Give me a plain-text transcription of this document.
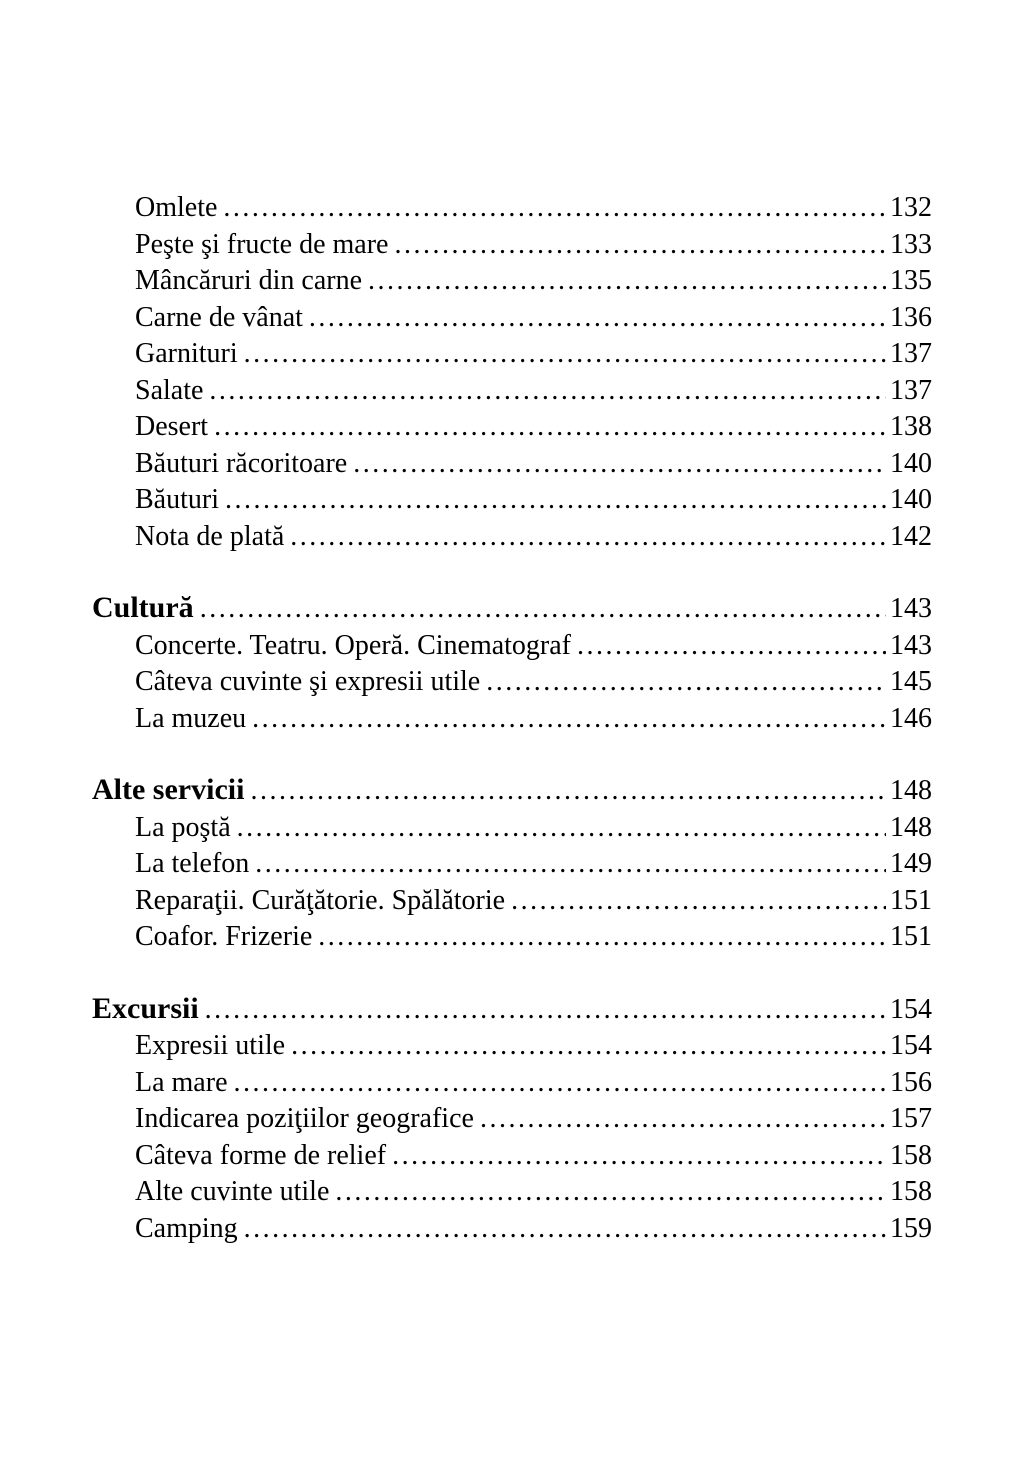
Omlete .....	132
Peşte şi fructe de mare .....	133
Mâncăruri din carne .....	135
Carne de vânat .....	136
Garnituri .....	137
Salate .....	137
Desert .....	138
Băuturi răcoritoare .....	140
Băuturi .....	140
Nota de plată .....	142
Cultură .....	143
Concerte. Teatru. Operă. Cinematograf .....	143
Câteva cuvinte şi expresii utile .....	145
La muzeu .....	146
Alte servicii .....	148
La poştă .....	148
La telefon .....	149
Reparaţii. Curăţătorie. Spălătorie .....	151
Coafor. Frizerie .....	151
Excursii .....	154
Expresii utile .....	154
La mare .....	156
Indicarea poziţiilor geografice .....	157
Câteva forme de relief .....	158
Alte cuvinte utile .....	158
Camping .....	159
